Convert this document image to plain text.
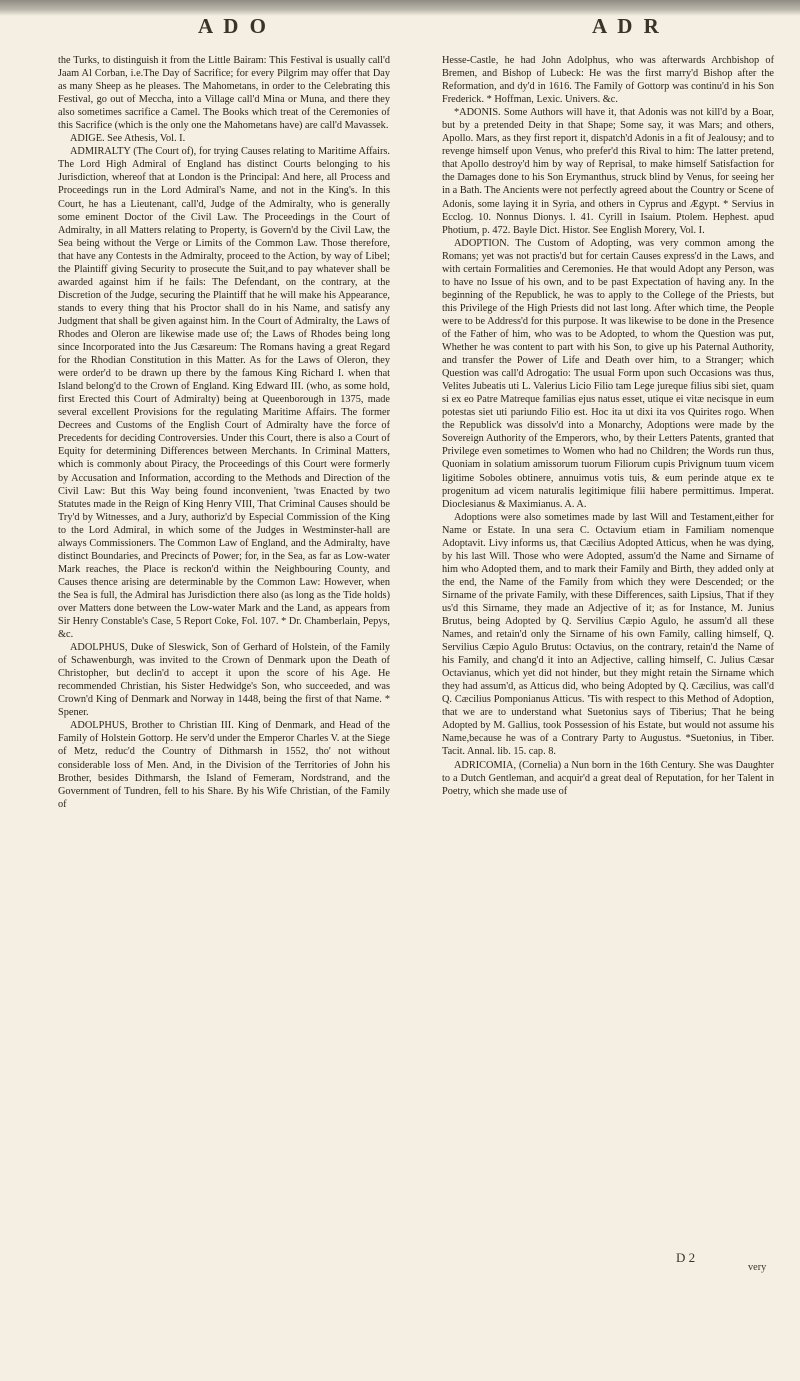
A D O	A D R

the Turks, to distinguish it from the Little Bairam: This Festival is usually call'd Jaam Al Corban, i.e.The Day of Sacrifice; for every Pilgrim may offer that Day as many Sheep as he pleases. The Mahometans, in order to the Celebrating this Festival, go out of Meccha, into a Village call'd Mina or Muna, and there they also sometimes sacrifice a Camel. The Books which treat of the Ceremonies of this Sacrifice (which is the only one the Mahometans have) are call'd Mavassek.

ADIGE. See Athesis, Vol. I.

ADMIRALTY (The Court of), for trying Causes relating to Maritime Affairs. The Lord High Admiral of England has distinct Courts belonging to his Jurisdiction, whereof that at London is the Principal: And here, all Process and Proceedings run in the Lord Admiral's Name, and not in the King's. In this Court, he has a Lieutenant, call'd, Judge of the Admiralty, who is generally some eminent Doctor of the Civil Law. The Proceedings in the Court of Admiralty, in all Matters relating to Property, is Govern'd by the Civil Law, the Sea being without the Verge or Limits of the Common Law. Those therefore, that have any Contests in the Admiralty, proceed to the Action, by way of Libel; the Plaintiff giving Security to prosecute the Suit,and to pay whatever shall be awarded against him if he fails: The Defendant, on the contrary, at the Discretion of the Judge, securing the Plaintiff that he will make his Appearance, stands to every thing that his Proctor shall do in his Name, and satisfy any Judgment that shall be given against him. In the Court of Admiralty, the Laws of Rhodes and Oleron are likewise made use of; the Laws of Rhodes being long since Incorporated into the Jus Cæsareum: The Romans having a great Regard for the Rhodian Constitution in this Matter. As for the Laws of Oleron, they were order'd to be drawn up there by the famous King Richard I. when that Island belong'd to the Crown of England. King Edward III. (who, as some hold, first Erected this Court of Admiralty) being at Queenborough in 1375, made several excellent Provisions for the regulating Maritime Affairs. The former Decrees and Customs of the English Court of Admiralty have the force of Precedents for deciding Controversies. Under this Court, there is also a Court of Equity for determining Differences between Merchants. In Criminal Matters, which is commonly about Piracy, the Proceedings of this Court were formerly by Accusation and Information, according to the Methods and Direction of the Civil Law: But this Way being found inconvenient, 'twas Enacted by two Statutes made in the Reign of King Henry VIII, That Criminal Causes should be Try'd by Witnesses, and a Jury, authoriz'd by Especial Commission of the King to the Lord Admiral, in which some of the Judges in Westminster-hall are always Commissioners. The Common Law of England, and the Admiralty, have distinct Boundaries, and Precincts of Power; for, in the Sea, as far as Low-water Mark reaches, the Place is reckon'd within the Neighbouring County, and Causes thence arising are determinable by the Common Law: However, when the Sea is full, the Admiral has Jurisdiction there also (as long as the Tide holds) over Matters done between the Low-water Mark and the Land, as appears from Sir Henry Constable's Case, 5 Report Coke, Fol. 107. * Dr. Chamberlain, Pepys, &c.

ADOLPHUS, Duke of Sleswick, Son of Gerhard of Holstein, of the Family of Schawenburgh, was invited to the Crown of Denmark upon the Death of Christopher, but declin'd to accept it upon the score of his Age. He recommended Christian, his Sister Hedwidge's Son, who succeeded, and was Crown'd King of Denmark and Norway in 1448, being the first of that Name. * Spener.

ADOLPHUS, Brother to Christian III. King of Denmark, and Head of the Family of Holstein Gottorp. He serv'd under the Emperor Charles V. at the Siege of Metz, reduc'd the Country of Dithmarsh in 1552, tho' not without considerable loss of Men. And, in the Division of the Territories of John his Brother, besides Dithmarsh, the Island of Femeram, Nordstrand, and the Government of Tundren, fell to his Share. By his Wife Christian, of the Family of

Hesse-Castle, he had John Adolphus, who was afterwards Archbishop of Bremen, and Bishop of Lubeck: He was the first marry'd Bishop after the Reformation, and dy'd in 1616. The Family of Gottorp was continu'd in his Son Frederick. * Hoffman, Lexic. Univers. &c.

*ADONIS. Some Authors will have it, that Adonis was not kill'd by a Boar, but by a pretended Deity in that Shape; Some say, it was Mars; and others, Apollo. Mars, as they first report it, dispatch'd Adonis in a fit of Jealousy; and to revenge himself upon Venus, who prefer'd this Rival to him: The latter pretend, that Apollo destroy'd him by way of Reprisal, to make himself Satisfaction for the Damages done to his Son Erymanthus, struck blind by Venus, for seeing her in a Bath. The Ancients were not perfectly agreed about the Country or Scene of Adonis, some laying it in Syria, and others in Cyprus and Ægypt. * Servius in Ecclog. 10. Nonnus Dionys. l. 41. Cyrill in Isaium. Ptolem. Hephest. apud Photium, p. 472. Bayle Dict. Histor. See English Morery, Vol. I.

ADOPTION. The Custom of Adopting, was very common among the Romans; yet was not practis'd but for certain Causes express'd in the Laws, and with certain Formalities and Ceremonies. He that would Adopt any Person, was to have no Issue of his own, and to be past Expectation of having any. In the beginning of the Republick, he was to apply to the College of the Priests, but this Privilege of the High Priests did not last long. After which time, the People were to be Address'd for this purpose. It was likewise to be done in the Presence of the Father of him, who was to be Adopted, to whom the Question was put, Whether he was content to part with his Son, to give up his Paternal Authority, and transfer the Power of Life and Death over him, to a Stranger; which Question was call'd Adrogatio: The usual Form upon such Occasions was thus, Velites Jubeatis uti L. Valerius Licio Filio tam Lege jureque filius sibi siet, quam si ex eo Patre Matreque familias ejus natus esset, utique ei vitæ necisque in eum potestas siet uti pariundo Filio est. Hoc ita ut dixi ita vos Quirites rogo. When the Republick was dissolv'd into a Monarchy, Adoptions were made by the Sovereign Authority of the Emperors, who, by their Letters Patents, granted that Privilege even sometimes to Women who had no Children; the Words run thus, Quoniam in solatium amissorum tuorum Filiorum cupis Privignum tuum vicem ligitime Soboles obtinere, annuimus votis tuis, & eum perinde atque ex te progenitum ad vicem naturalis legitimique filii habere permittimus. Imperat. Dioclesianus & Maximianus. A. A.

Adoptions were also sometimes made by last Will and Testament,either for Name or Estate. In una sera C. Octavium etiam in Familiam nomenque Adoptavit. Livy informs us, that Cæcilius Adopted Atticus, when he was dying, by his last Will. Those who were Adopted, assum'd the Name and Sirname of him who Adopted them, and to mark their Family and Birth, they added only at the end, the Name of the Family from which they were Descended; or the Sirname of the private Family, with these Differences, saith Lipsius, That if they us'd this Sirname, they made an Adjective of it; as for Instance, M. Junius Brutus, being Adopted by Q. Servilius Cæpio Agulo, he assum'd all these Names, and retain'd only the Sirname of his own Family, calling himself, Q. Servilius Cæpio Agulo Brutus: Octavius, on the contrary, retain'd the Name of his Family, and chang'd it into an Adjective, calling himself, C. Julius Cæsar Octavianus, which yet did not hinder, but they might retain the Sirname which they had assum'd, as Atticus did, who being Adopted by Q. Cæcilius, was call'd Q. Cæcilius Pomponianus Atticus. 'Tis with respect to this Method of Adoption, that we are to understand what Suetonius says of Tiberius; That he being Adopted by M. Gallius, took Possession of his Estate, but would not assume his Name,because he was of a Contrary Party to Augustus. *Suetonius, in Tiber. Tacit. Annal. lib. 15. cap. 8.

ADRICOMIA, (Cornelia) a Nun born in the 16th Century. She was Daughter to a Dutch Gentleman, and acquir'd a great deal of Reputation, for her Talent in Poetry, which she made use of

D 2
very
